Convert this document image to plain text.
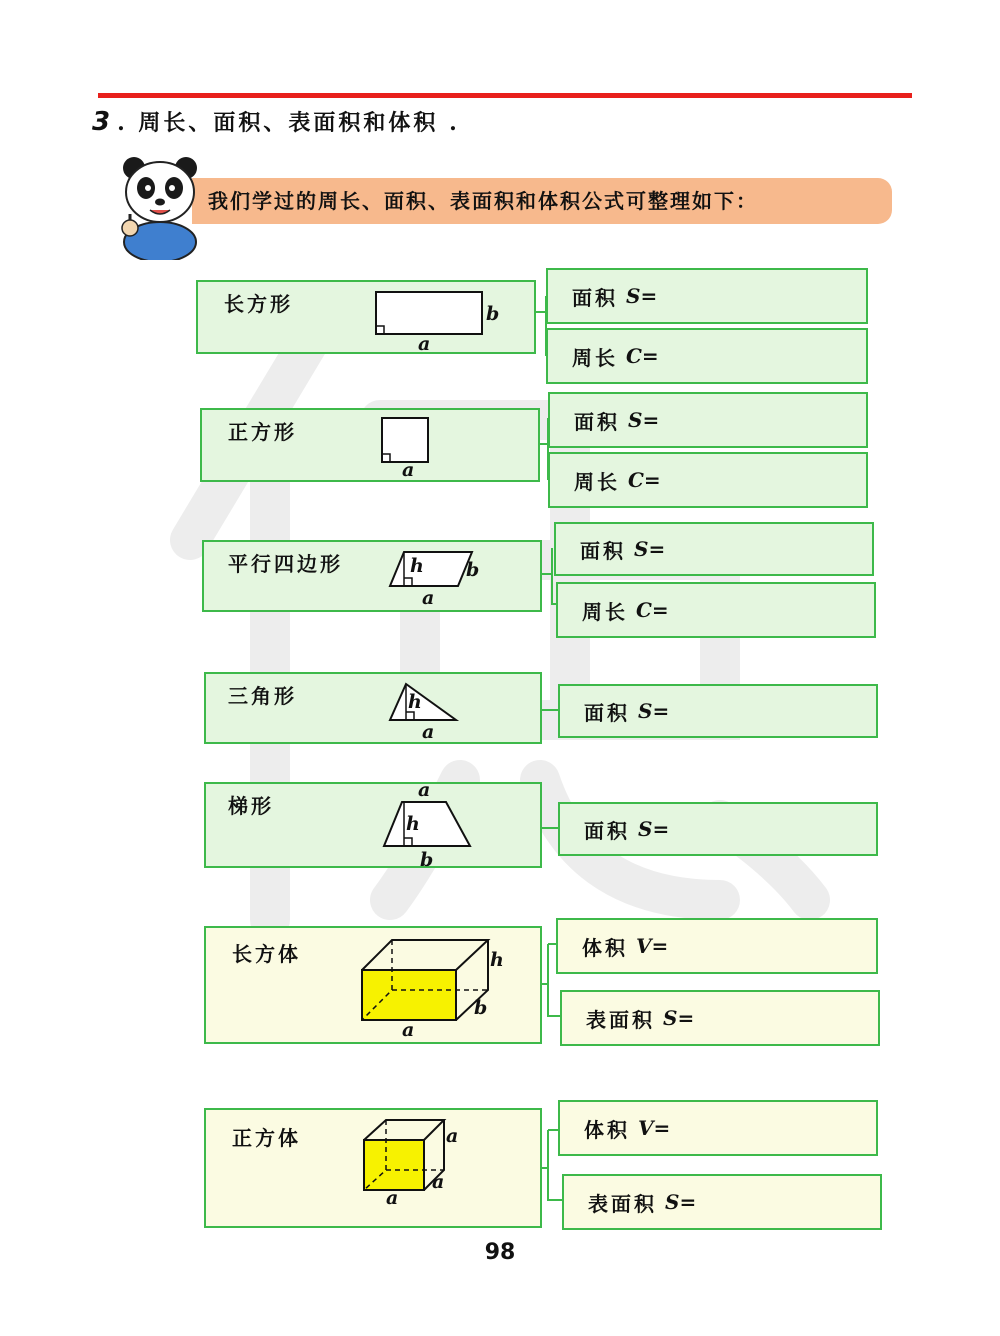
3 . 周长、面积、表面积和体积 .
我们学过的周长、面积、表面积和体积公式可整理如下：
长方形	b
a
面积 S=
周长 C=
正方形
a
面积 S=
周长 C=
平行四边形	h b
a
面积 S=
周长 C=
三角形	h
a
面积 S=
梯形
a
h
b
面积 S=
长方体	h
b
a
体积 V=
表面积 S=
正方体	a
a
a
体积 V=
表面积 S=
98
